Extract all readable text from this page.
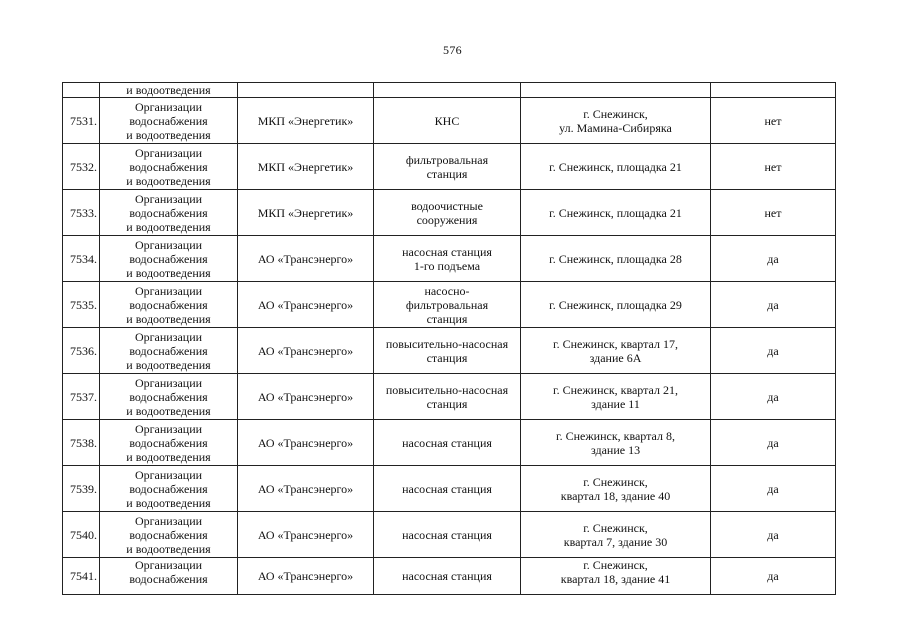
576
	и водоотведения				
7531.	Организации
водоснабжения
и водоотведения	МКП «Энергетик»	КНС	г. Снежинск,
ул. Мамина-Сибиряка	нет
7532.	Организации
водоснабжения
и водоотведения	МКП «Энергетик»	фильтровальная
станция	г. Снежинск, площадка 21	нет
7533.	Организации
водоснабжения
и водоотведения	МКП «Энергетик»	водоочистные
сооружения	г. Снежинск, площадка 21	нет
7534.	Организации
водоснабжения
и водоотведения	АО «Трансэнерго»	насосная станция
1-го подъема	г. Снежинск, площадка 28	да
7535.	Организации
водоснабжения
и водоотведения	АО «Трансэнерго»	насосно-
фильтровальная
станция	г. Снежинск, площадка 29	да
7536.	Организации
водоснабжения
и водоотведения	АО «Трансэнерго»	повысительно-насосная
станция	г. Снежинск, квартал 17,
здание 6А	да
7537.	Организации
водоснабжения
и водоотведения	АО «Трансэнерго»	повысительно-насосная
станция	г. Снежинск, квартал 21,
здание 11	да
7538.	Организации
водоснабжения
и водоотведения	АО «Трансэнерго»	насосная станция	г. Снежинск, квартал 8,
здание 13	да
7539.	Организации
водоснабжения
и водоотведения	АО «Трансэнерго»	насосная станция	г. Снежинск,
квартал 18, здание 40	да
7540.	Организации
водоснабжения
и водоотведения	АО «Трансэнерго»	насосная станция	г. Снежинск,
квартал 7, здание 30	да
7541.	Организации
водоснабжения	АО «Трансэнерго»	насосная станция	г. Снежинск,
квартал 18, здание 41	да
